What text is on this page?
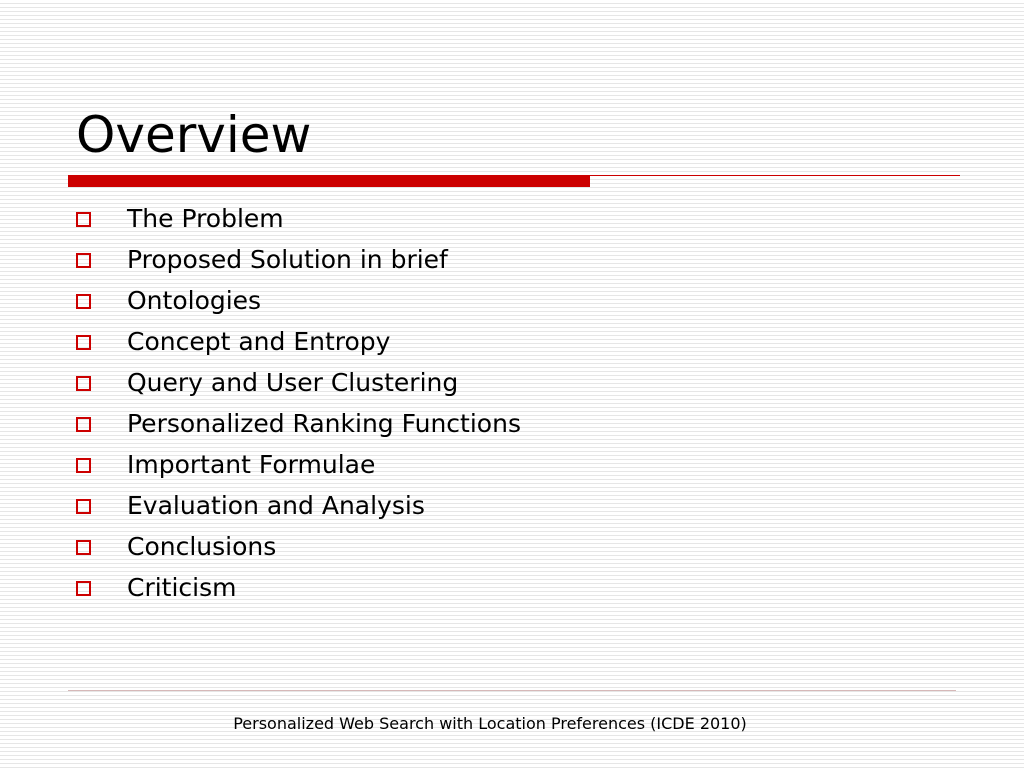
Overview
The Problem
Proposed Solution in brief
Ontologies
Concept and Entropy
Query and User Clustering
Personalized Ranking Functions
Important Formulae
Evaluation and Analysis
Conclusions
Criticism
Personalized Web Search with Location Preferences (ICDE 2010)
